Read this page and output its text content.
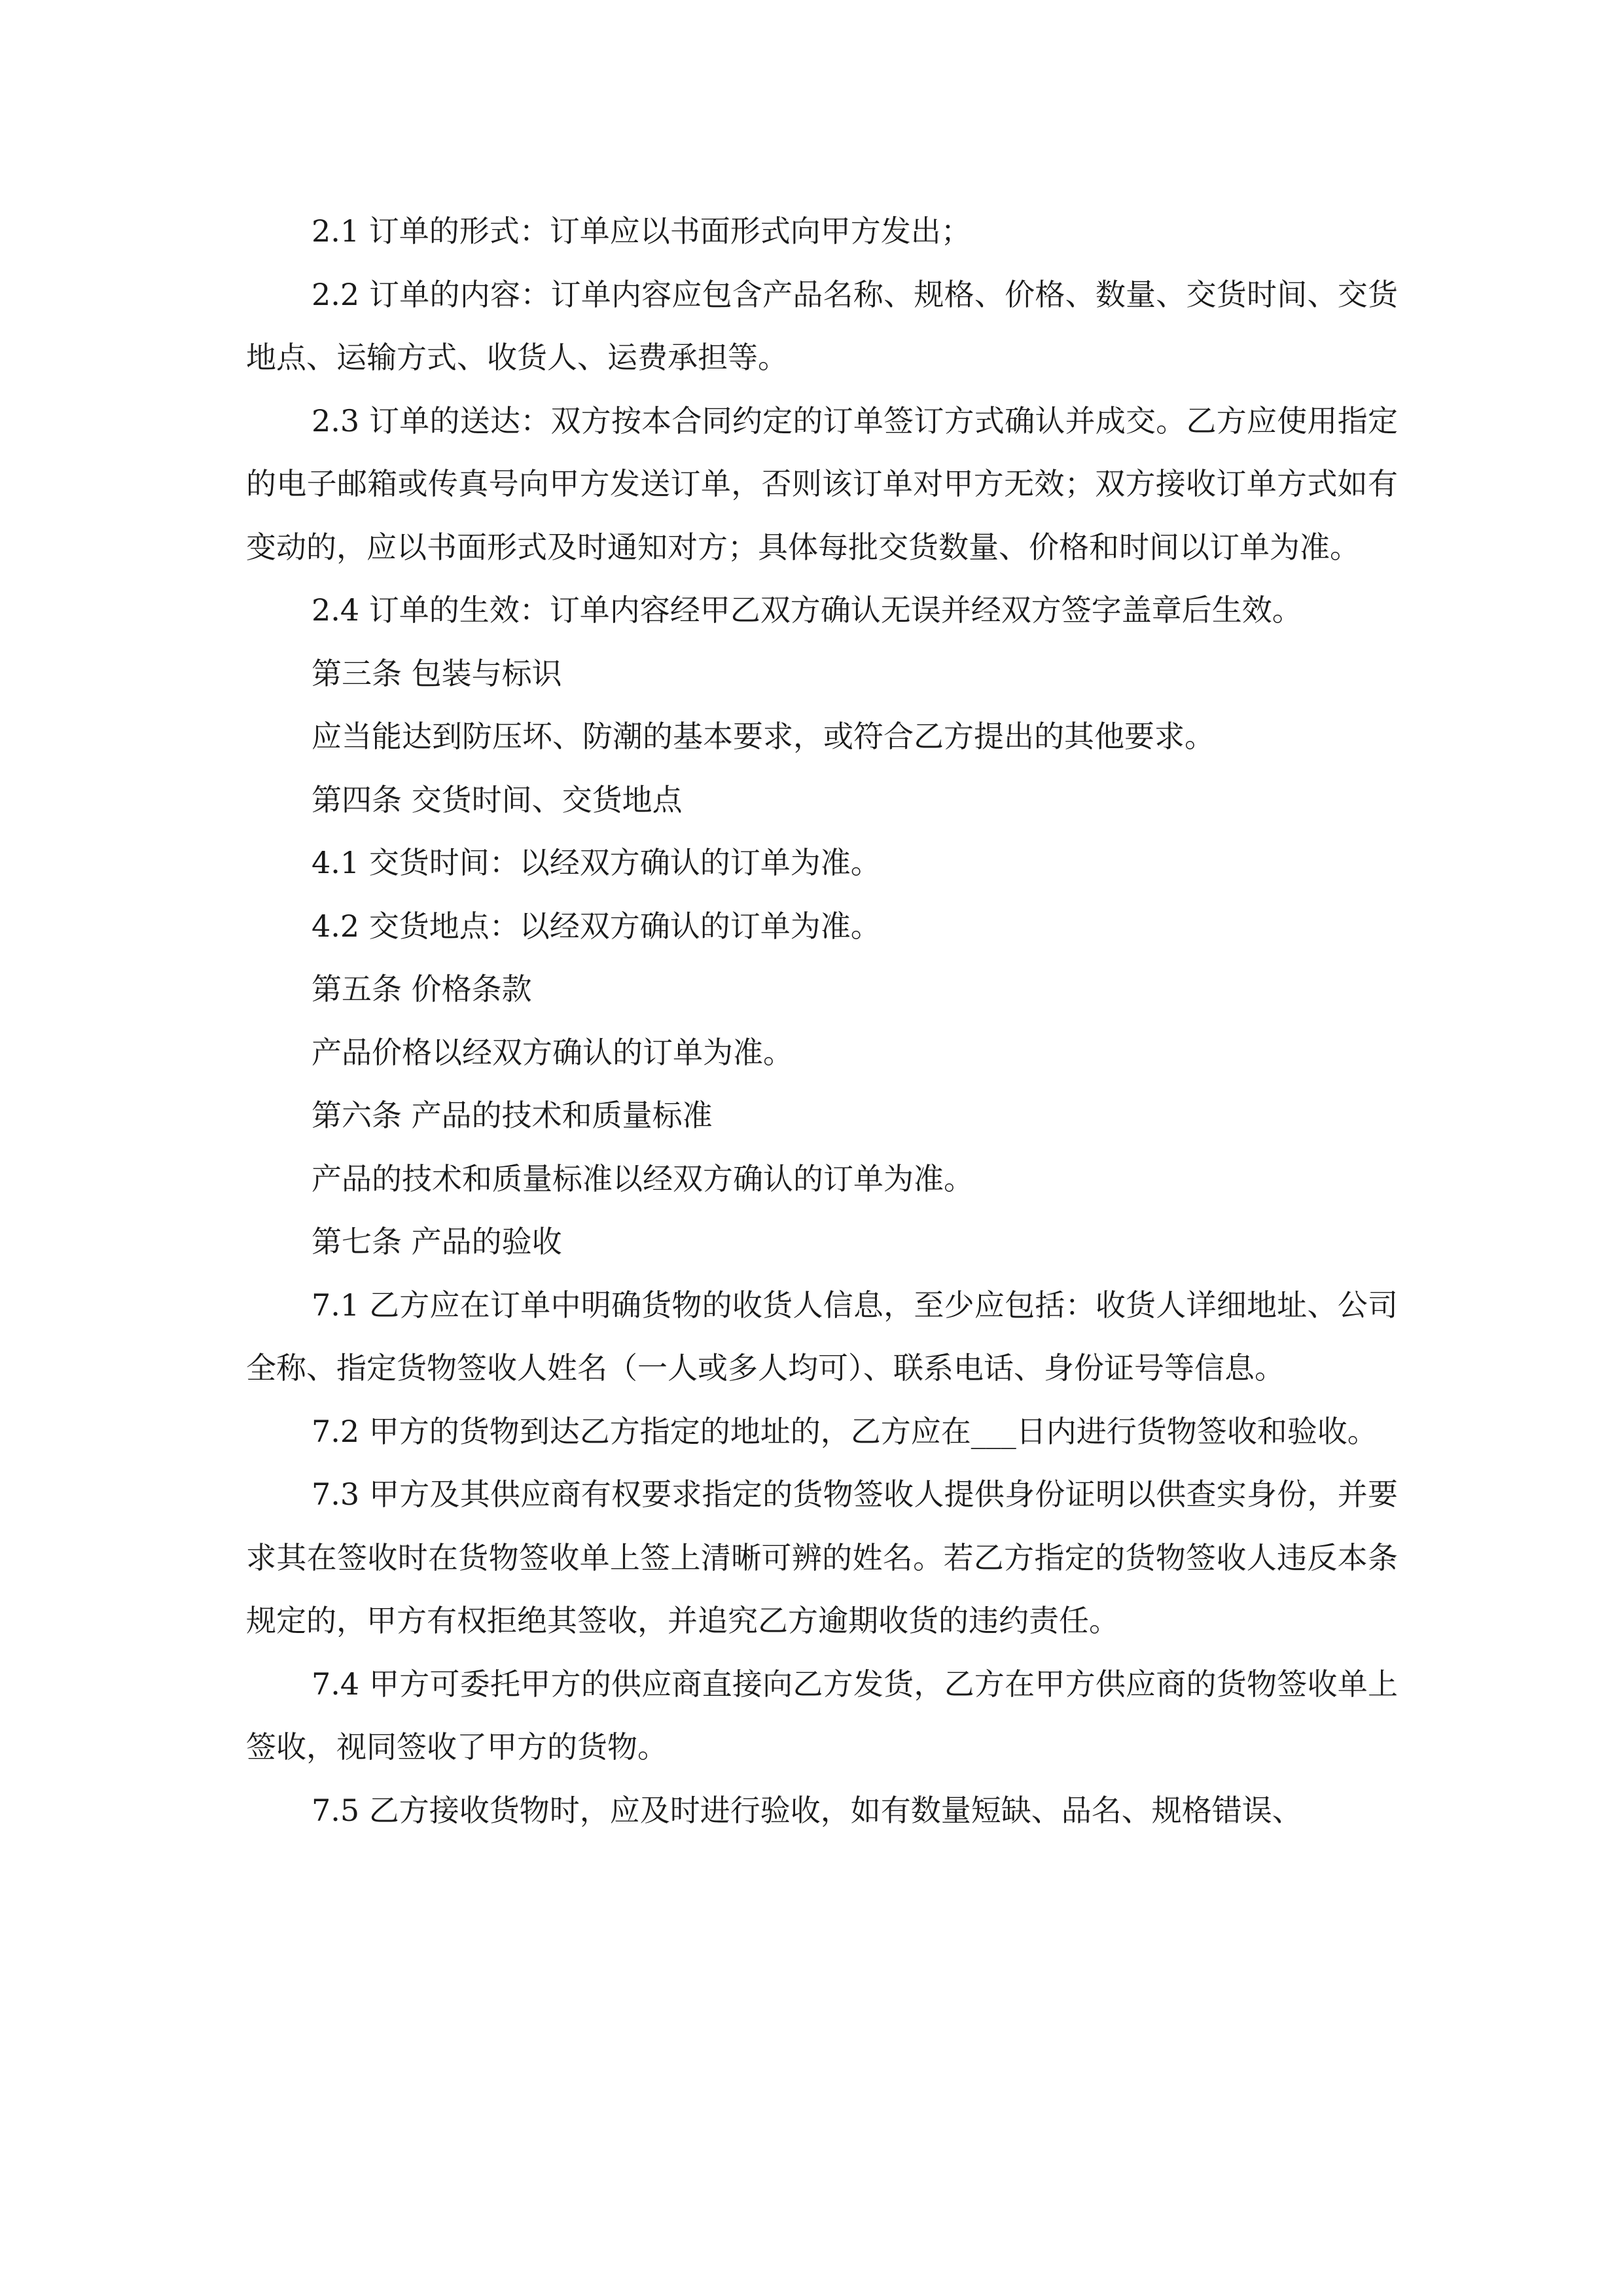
2.1 订单的形式：订单应以书面形式向甲方发出；

2.2 订单的内容：订单内容应包含产品名称、规格、价格、数量、交货时间、交货地点、运输方式、收货人、运费承担等。

2.3 订单的送达：双方按本合同约定的订单签订方式确认并成交。乙方应使用指定的电子邮箱或传真号向甲方发送订单，否则该订单对甲方无效；双方接收订单方式如有变动的，应以书面形式及时通知对方；具体每批交货数量、价格和时间以订单为准。

2.4 订单的生效：订单内容经甲乙双方确认无误并经双方签字盖章后生效。

第三条 包装与标识

应当能达到防压坏、防潮的基本要求，或符合乙方提出的其他要求。

第四条 交货时间、交货地点

4.1 交货时间：以经双方确认的订单为准。

4.2 交货地点：以经双方确认的订单为准。

第五条 价格条款

产品价格以经双方确认的订单为准。

第六条 产品的技术和质量标准

产品的技术和质量标准以经双方确认的订单为准。

第七条 产品的验收

7.1 乙方应在订单中明确货物的收货人信息，至少应包括：收货人详细地址、公司全称、指定货物签收人姓名（一人或多人均可）、联系电话、身份证号等信息。

7.2 甲方的货物到达乙方指定的地址的，乙方应在___日内进行货物签收和验收。

7.3 甲方及其供应商有权要求指定的货物签收人提供身份证明以供查实身份，并要求其在签收时在货物签收单上签上清晰可辨的姓名。若乙方指定的货物签收人违反本条规定的，甲方有权拒绝其签收，并追究乙方逾期收货的违约责任。

7.4 甲方可委托甲方的供应商直接向乙方发货，乙方在甲方供应商的货物签收单上签收，视同签收了甲方的货物。

7.5 乙方接收货物时，应及时进行验收，如有数量短缺、品名、规格错误、
